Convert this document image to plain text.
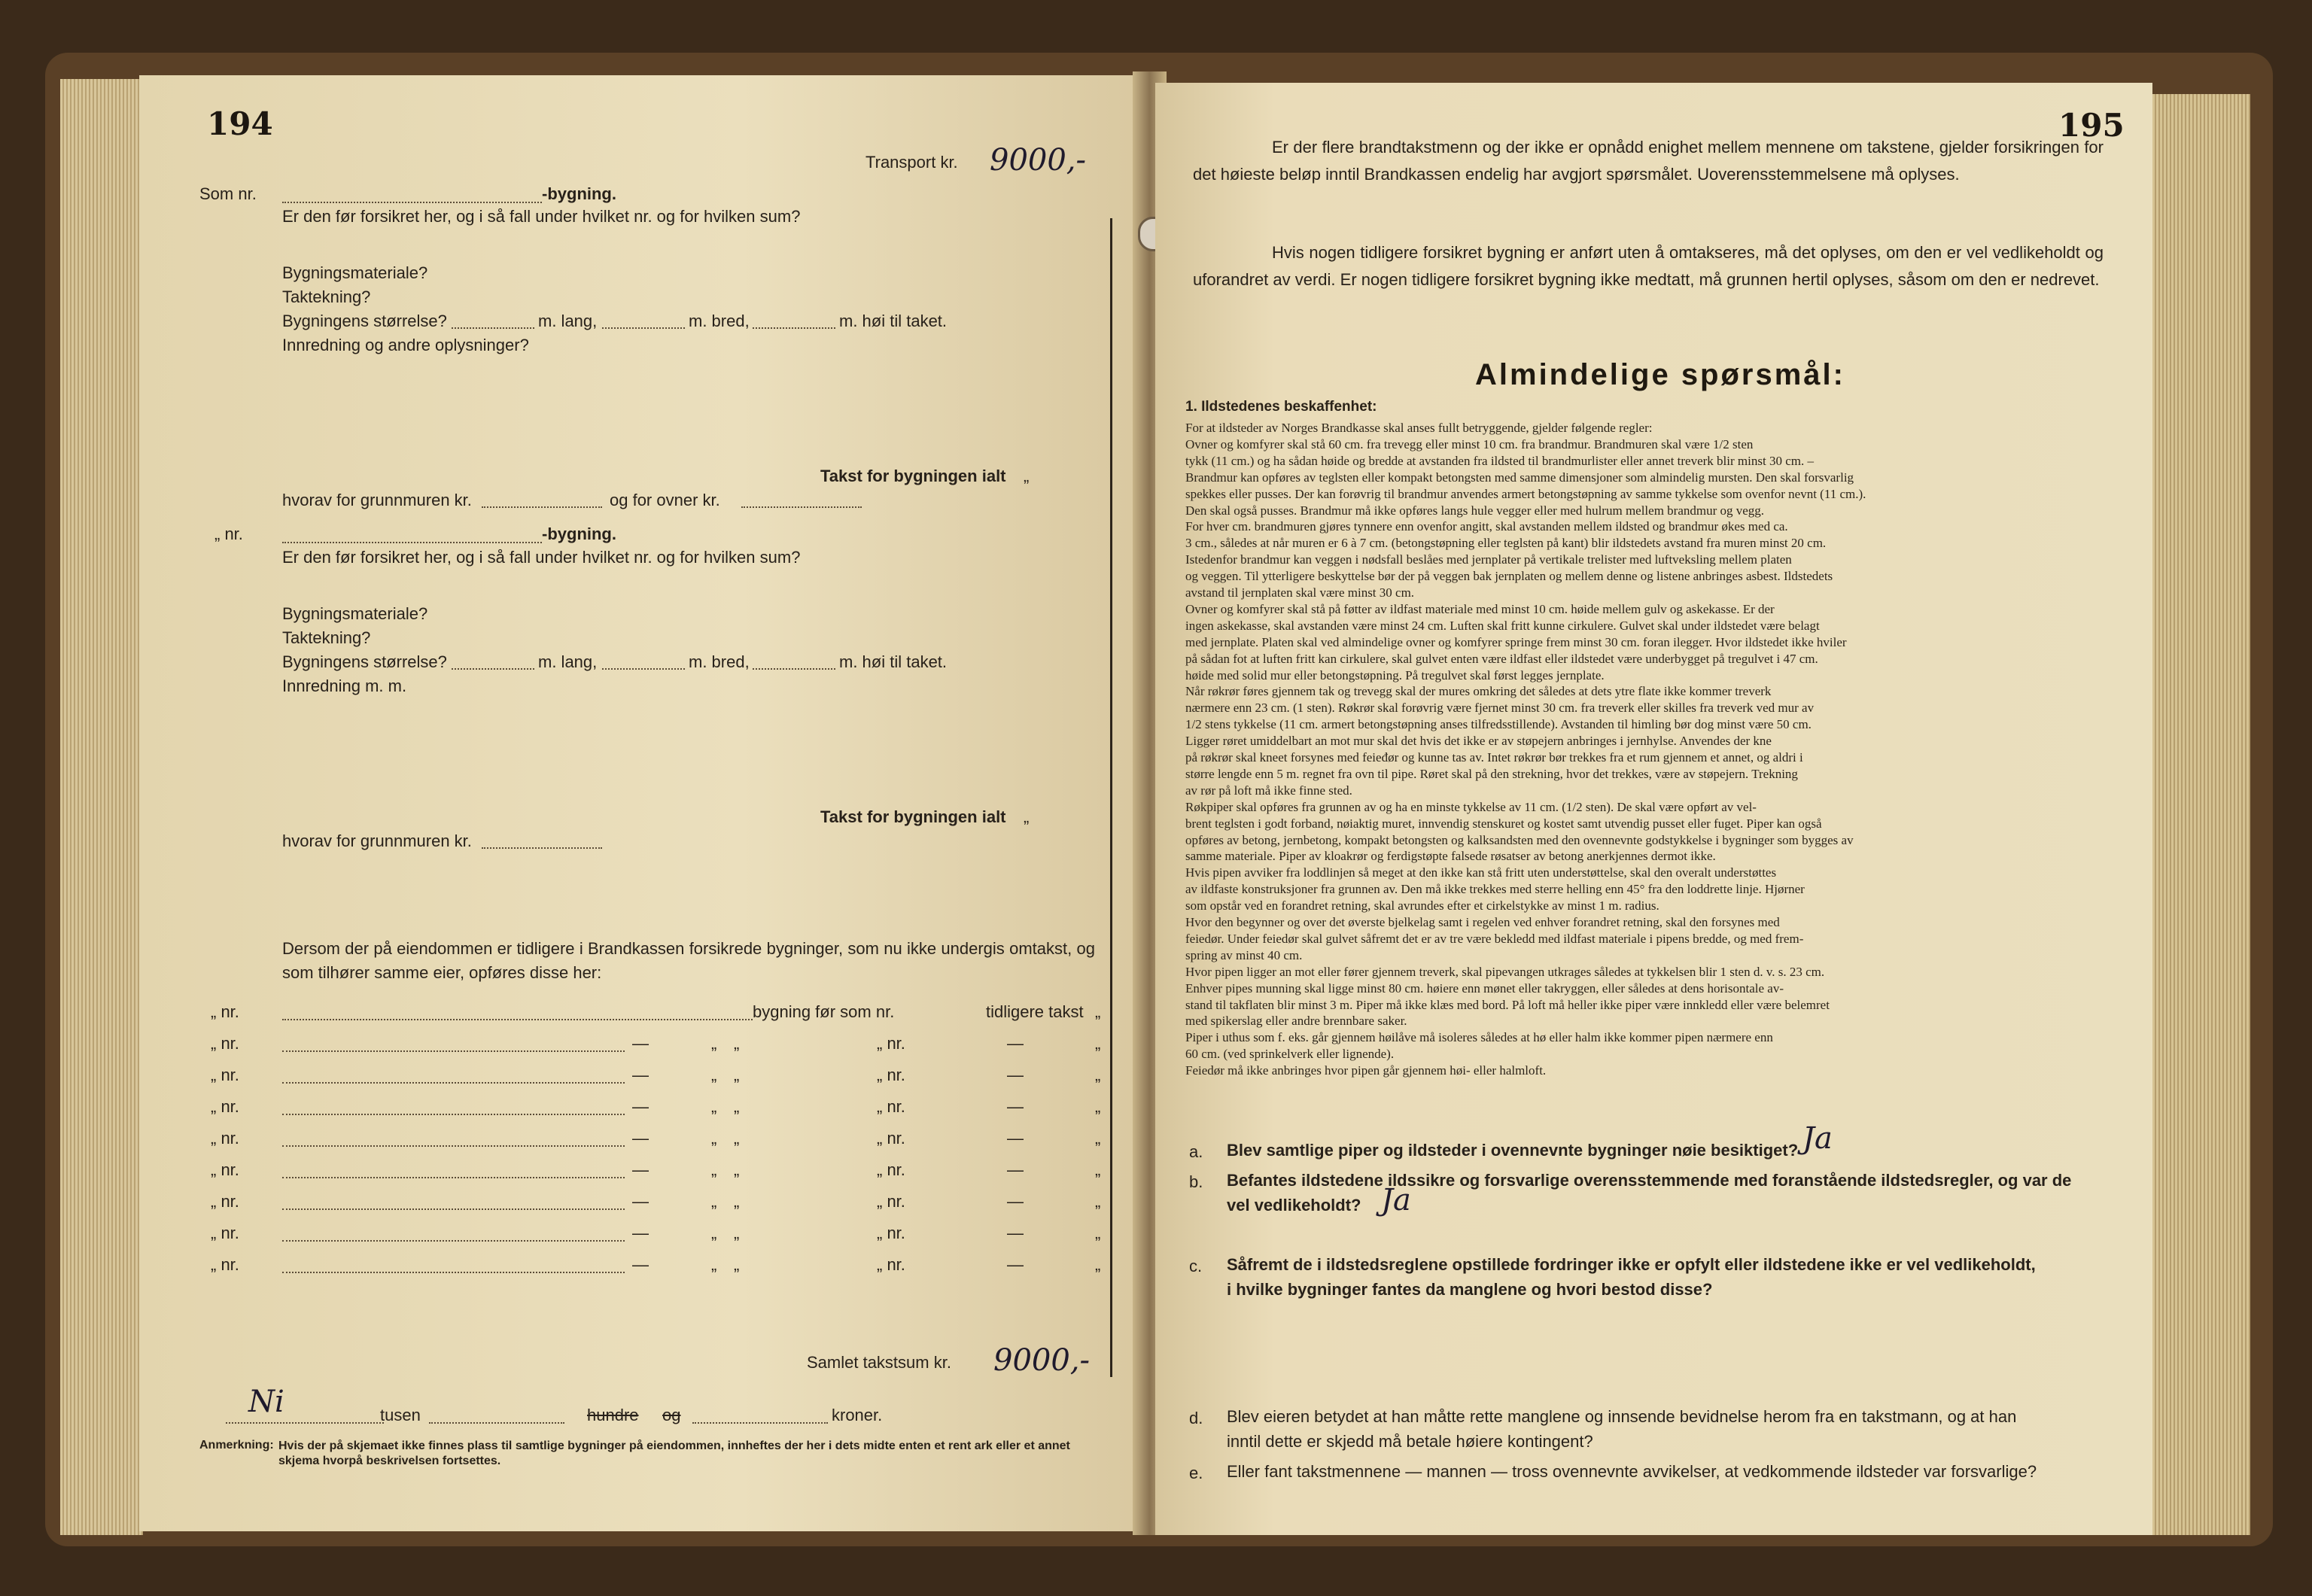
194
Transport kr. 9000,-
Som nr.	-bygning.
Er den før forsikret her, og i så fall under hvilket nr. og for hvilken sum?
Bygningsmateriale?
Taktekning?
Bygningens størrelse?	m. lang,	m. bred,	m. høi til taket.
Innredning og andre oplysninger?
Takst for bygningen ialt „
hvorav for grunnmuren kr.	og for ovner kr.
„ nr.	-bygning.
Er den før forsikret her, og i så fall under hvilket nr. og for hvilken sum?
Bygningsmateriale?
Taktekning?
Bygningens størrelse?	m. lang,	m. bred,	m. høi til taket.
Innredning m. m.
Takst for bygningen ialt „
hvorav for grunnmuren kr.
Dersom der på eiendommen er tidligere i Brandkassen forsikrede bygninger, som nu ikke undergis omtakst, og som tilhører samme eier, opføres disse her:
„ nr.	bygning før som nr.	tidligere takst „
„ nr.	—	„ „	„ nr.	—	„
„ nr.	—	„ „	„ nr.	—	„
„ nr.	—	„ „	„ nr.	—	„
„ nr.	—	„ „	„ nr.	—	„
„ nr.	—	„ „	„ nr.	—	„
„ nr.	—	„ „	„ nr.	—	„
„ nr.	—	„ „	„ nr.	—	„
„ nr.	—	„ „	„ nr.	—	„
Samlet takstsum kr. 9000,-
Ni	tusen	hundre og	kroner.
Anmerkning: Hvis der på skjemaet ikke finnes plass til samtlige bygninger på eiendommen, innheftes der her i dets midte enten et rent ark eller et annet skjema hvorpå beskrivelsen fortsettes.
195
Er der flere brandtakstmenn og der ikke er opnådd enighet mellem mennene om takstene, gjelder forsikringen for det høieste beløp inntil Brandkassen endelig har avgjort spørsmålet. Uoverensstemmelsene må oplyses.
Hvis nogen tidligere forsikret bygning er anført uten å omtakseres, må det oplyses, om den er vel vedlikeholdt og uforandret av verdi. Er nogen tidligere forsikret bygning ikke medtatt, må grunnen hertil oplyses, såsom om den er nedrevet.
Almindelige spørsmål:
1. Ildstedenes beskaffenhet:
For at ildsteder av Norges Brandkasse skal anses fullt betryggende, gjelder følgende regler:
Ovner og komfyrer skal stå 60 cm. fra trevegg eller minst 10 cm. fra brandmur. Brandmuren skal være 1/2 sten
tykk (11 cm.) og ha sådan høide og bredde at avstanden fra ildsted til brandmurlister eller annet treverk blir minst 30 cm. –
Brandmur kan opføres av teglsten eller kompakt betongsten med samme dimensjoner som almindelig mursten. Den skal forsvarlig
spekkes eller pusses. Der kan forøvrig til brandmur anvendes armert betongstøpning av samme tykkelse som ovenfor nevnt (11 cm.).
Den skal også pusses. Brandmur må ikke opføres langs hule vegger eller med hulrum mellem brandmur og vegg.
For hver cm. brandmuren gjøres tynnere enn ovenfor angitt, skal avstanden mellem ildsted og brandmur økes med ca.
3 cm., således at når muren er 6 à 7 cm. (betongstøpning eller teglsten på kant) blir ildstedets avstand fra muren minst 20 cm.
Istedenfor brandmur kan veggen i nødsfall beslåes med jernplater på vertikale trelister med luftveksling mellem platen
og veggen. Til ytterligere beskyttelse bør der på veggen bak jernplaten og mellem denne og listene anbringes asbest. Ildstedets
avstand til jernplaten skal være minst 30 cm.
Ovner og komfyrer skal stå på føtter av ildfast materiale med minst 10 cm. høide mellem gulv og askekasse. Er der
ingen askekasse, skal avstanden være minst 24 cm. Luften skal fritt kunne cirkulere. Gulvet skal under ildstedet være belagt
med jernplate. Platen skal ved almindelige ovner og komfyrer springe frem minst 30 cm. foran ileggет. Hvor ildstedet ikke hviler
på sådan fot at luften fritt kan cirkulere, skal gulvet enten være ildfast eller ildstedet være underbygget på tregulvet i 47 cm.
høide med solid mur eller betongstøpning. På tregulvet skal først legges jernplate.
Når røkrør føres gjennem tak og trevegg skal der mures omkring det således at dets ytre flate ikke kommer treverk
nærmere enn 23 cm. (1 sten). Røkrør skal forøvrig være fjernet minst 30 cm. fra treverk eller skilles fra treverk ved mur av
1/2 stens tykkelse (11 cm. armert betongstøpning anses tilfredsstillende). Avstanden til himling bør dog minst være 50 cm.
Ligger røret umiddelbart an mot mur skal det hvis det ikke er av støpejern anbringes i jernhylse. Anvendes der kne
på røkrør skal kneet forsynes med feieđør og kunne tas av. Intet røkrør bør trekkes fra et rum gjennem et annet, og aldri i
større lengde enn 5 m. regnet fra ovn til pipe. Røret skal på den strekning, hvor det trekkes, være av støpejern. Trekning
av rør på loft må ikke finne sted.
Røkpiper skal opføres fra grunnen av og ha en minste tykkelse av 11 cm. (1/2 sten). De skal være opført av vel-
brent teglsten i godt forband, nøiaktig muret, innvendig stenskuret og kostet samt utvendig pusset eller fuget. Piper kan også
opføres av betong, jernbetong, kompakt betongsten og kalksandsten med den ovennevnte godstykkelse i bygninger som bygges av
samme materiale. Piper av kloakrør og ferdigstøpte falsede røsatser av betong anerkjennes dermot ikke.
Hvis pipen avviker fra loddlinjen så meget at den ikke kan stå fritt uten understøttelse, skal den overalt understøttes
av ildfaste konstruksjoner fra grunnen av. Den må ikke trekkes med sterre helling enn 45° fra den loddrette linje. Hjørner
som opstår ved en forandret retning, skal avrundes efter et cirkelstykke av minst 1 m. radius.
Hvor den begynner og over det øverste bjelkelag samt i regelen ved enhver forandret retning, skal den forsynes med
feiedør. Under feiedør skal gulvet såfremt det er av tre være bekledd med ildfast materiale i pipens bredde, og med frem-
spring av minst 40 cm.
Hvor pipen ligger an mot eller fører gjennem treverk, skal pipevangen utkrages således at tykkelsen blir 1 sten d. v. s. 23 cm.
Enhver pipes munning skal ligge minst 80 cm. høiere enn mønet eller takryggen, eller således at dens horisontale av-
stand til takflaten blir minst 3 m. Piper må ikke klæs med bord. På loft må heller ikke piper være innkledd eller være belemret
med spikerslag eller andre brennbare saker.
Piper i uthus som f. eks. går gjennem høilåve må isoleres således at hø eller halm ikke kommer pipen nærmere enn
60 cm. (ved sprinkelverk eller lignende).
Feiedør må ikke anbringes hvor pipen går gjennem høi- eller halmloft.
a. Blev samtlige piper og ildsteder i ovennevnte bygninger nøie besiktiget? Ja
b. Befantes ildstedene ildssikre og forsvarlige overensstemmende med foranstående ildstedsregler, og var de
vel vedlikeholdt? Ja
c. Såfremt de i ildstedsreglene opstillede fordringer ikke er opfylt eller ildstedene ikke er vel vedlikeholdt,
i hvilke bygninger fantes da manglene og hvori bestod disse?
d. Blev eieren betydet at han måtte rette manglene og innsende bevidnelse herom fra en takstmann, og at han
inntil dette er skjedd må betale høiere kontingent?
e. Eller fant takstmennene — mannen — tross ovennevnte avvikelser, at vedkommende ildsteder var forsvarlige?
